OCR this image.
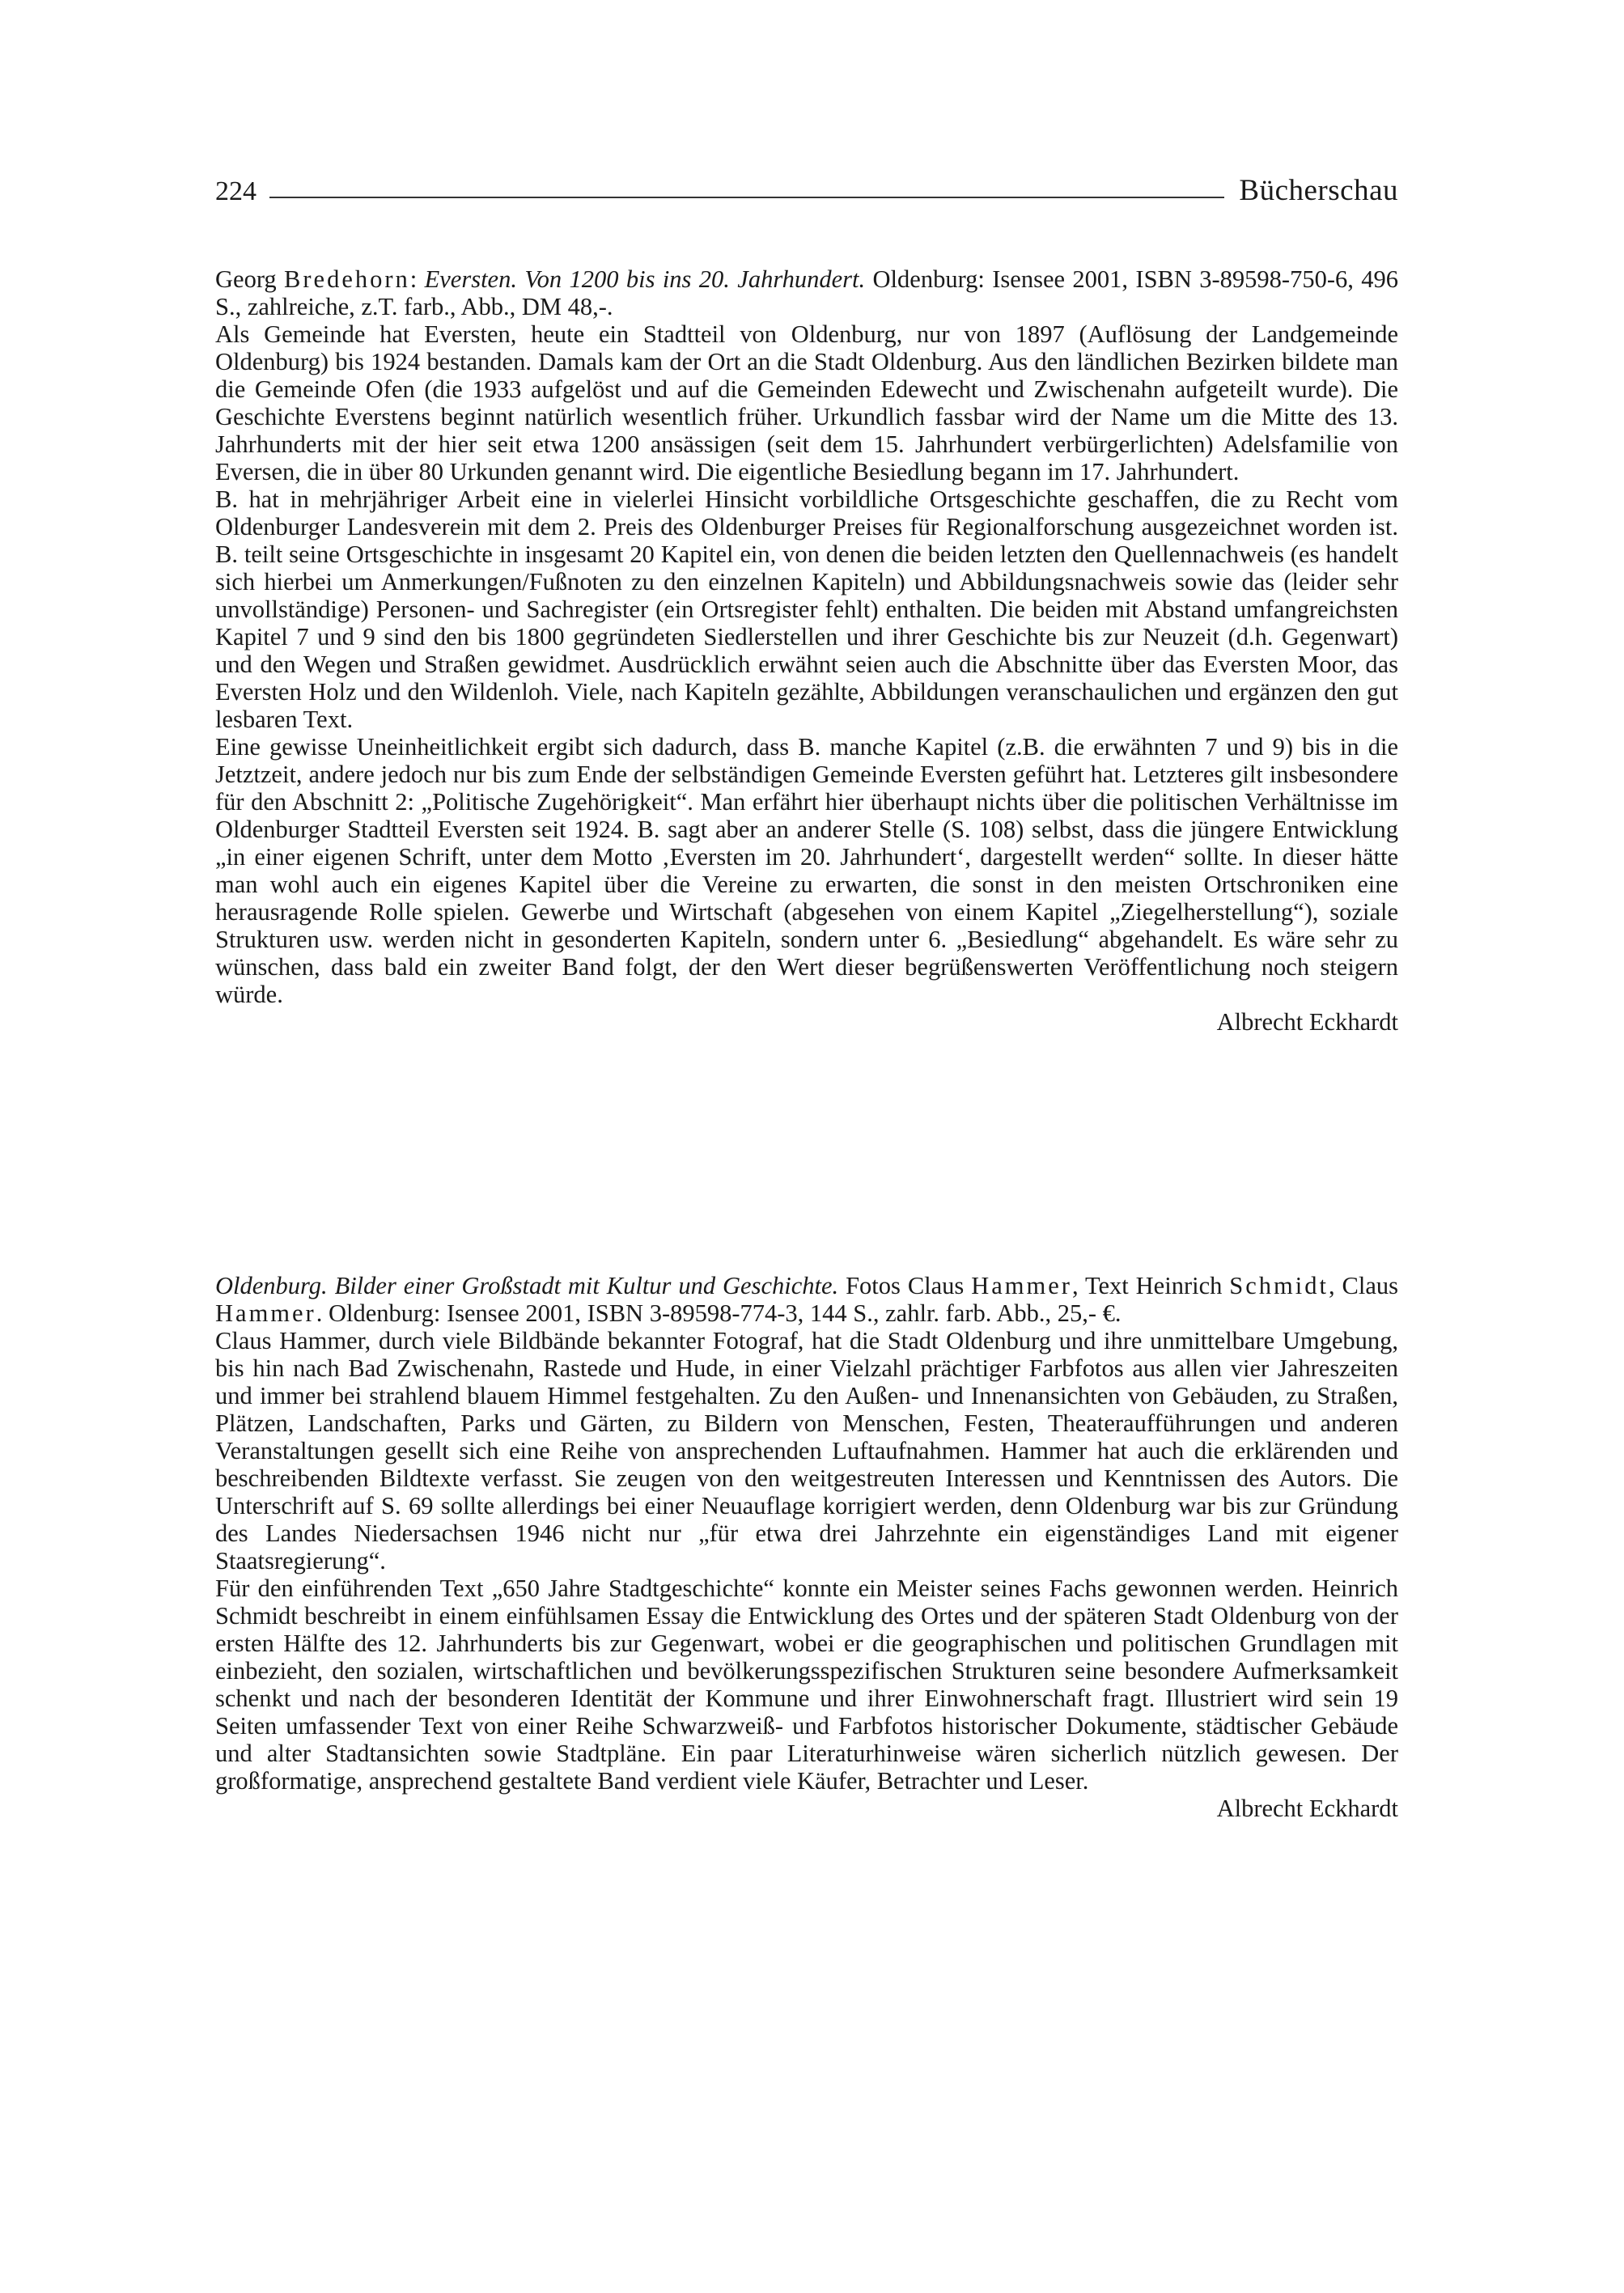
224	Bücherschau

Georg Bredehorn: Eversten. Von 1200 bis ins 20. Jahrhundert. Oldenburg: Isensee 2001, ISBN 3-89598-750-6, 496 S., zahlreiche, z.T. farb., Abb., DM 48,-.

Als Gemeinde hat Eversten, heute ein Stadtteil von Oldenburg, nur von 1897 (Auflösung der Landgemeinde Oldenburg) bis 1924 bestanden. Damals kam der Ort an die Stadt Oldenburg. Aus den ländlichen Bezirken bildete man die Gemeinde Ofen (die 1933 aufgelöst und auf die Gemeinden Edewecht und Zwischenahn aufgeteilt wurde). Die Geschichte Everstens beginnt natürlich wesentlich früher. Urkundlich fassbar wird der Name um die Mitte des 13. Jahrhunderts mit der hier seit etwa 1200 ansässigen (seit dem 15. Jahrhundert verbürgerlichten) Adelsfamilie von Eversen, die in über 80 Urkunden genannt wird. Die eigentliche Besiedlung begann im 17. Jahrhundert.

B. hat in mehrjähriger Arbeit eine in vielerlei Hinsicht vorbildliche Ortsgeschichte geschaffen, die zu Recht vom Oldenburger Landesverein mit dem 2. Preis des Oldenburger Preises für Regionalforschung ausgezeichnet worden ist. B. teilt seine Ortsgeschichte in insgesamt 20 Kapitel ein, von denen die beiden letzten den Quellennachweis (es handelt sich hierbei um Anmerkungen/Fußnoten zu den einzelnen Kapiteln) und Abbildungsnachweis sowie das (leider sehr unvollständige) Personen- und Sachregister (ein Ortsregister fehlt) enthalten. Die beiden mit Abstand umfangreichsten Kapitel 7 und 9 sind den bis 1800 gegründeten Siedlerstellen und ihrer Geschichte bis zur Neuzeit (d.h. Gegenwart) und den Wegen und Straßen gewidmet. Ausdrücklich erwähnt seien auch die Abschnitte über das Eversten Moor, das Eversten Holz und den Wildenloh. Viele, nach Kapiteln gezählte, Abbildungen veranschaulichen und ergänzen den gut lesbaren Text.

Eine gewisse Uneinheitlichkeit ergibt sich dadurch, dass B. manche Kapitel (z.B. die erwähnten 7 und 9) bis in die Jetztzeit, andere jedoch nur bis zum Ende der selbständigen Gemeinde Eversten geführt hat. Letzteres gilt insbesondere für den Abschnitt 2: „Politische Zugehörigkeit“. Man erfährt hier überhaupt nichts über die politischen Verhältnisse im Oldenburger Stadtteil Eversten seit 1924. B. sagt aber an anderer Stelle (S. 108) selbst, dass die jüngere Entwicklung „in einer eigenen Schrift, unter dem Motto ‚Eversten im 20. Jahrhundert‘, dargestellt werden“ sollte. In dieser hätte man wohl auch ein eigenes Kapitel über die Vereine zu erwarten, die sonst in den meisten Ortschroniken eine herausragende Rolle spielen. Gewerbe und Wirtschaft (abgesehen von einem Kapitel „Ziegelherstellung“), soziale Strukturen usw. werden nicht in gesonderten Kapiteln, sondern unter 6. „Besiedlung“ abgehandelt. Es wäre sehr zu wünschen, dass bald ein zweiter Band folgt, der den Wert dieser begrüßenswerten Veröffentlichung noch steigern würde.

Albrecht Eckhardt

Oldenburg. Bilder einer Großstadt mit Kultur und Geschichte. Fotos Claus Hammer, Text Heinrich Schmidt, Claus Hammer. Oldenburg: Isensee 2001, ISBN 3-89598-774-3, 144 S., zahlr. farb. Abb., 25,- €.

Claus Hammer, durch viele Bildbände bekannter Fotograf, hat die Stadt Oldenburg und ihre unmittelbare Umgebung, bis hin nach Bad Zwischenahn, Rastede und Hude, in einer Vielzahl prächtiger Farbfotos aus allen vier Jahreszeiten und immer bei strahlend blauem Himmel festgehalten. Zu den Außen- und Innenansichten von Gebäuden, zu Straßen, Plätzen, Landschaften, Parks und Gärten, zu Bildern von Menschen, Festen, Theateraufführungen und anderen Veranstaltungen gesellt sich eine Reihe von ansprechenden Luftaufnahmen. Hammer hat auch die erklärenden und beschreibenden Bildtexte verfasst. Sie zeugen von den weitgestreuten Interessen und Kenntnissen des Autors. Die Unterschrift auf S. 69 sollte allerdings bei einer Neuauflage korrigiert werden, denn Oldenburg war bis zur Gründung des Landes Niedersachsen 1946 nicht nur „für etwa drei Jahrzehnte ein eigenständiges Land mit eigener Staatsregierung“.

Für den einführenden Text „650 Jahre Stadtgeschichte“ konnte ein Meister seines Fachs gewonnen werden. Heinrich Schmidt beschreibt in einem einfühlsamen Essay die Entwicklung des Ortes und der späteren Stadt Oldenburg von der ersten Hälfte des 12. Jahrhunderts bis zur Gegenwart, wobei er die geographischen und politischen Grundlagen mit einbezieht, den sozialen, wirtschaftlichen und bevölkerungsspezifischen Strukturen seine besondere Aufmerksamkeit schenkt und nach der besonderen Identität der Kommune und ihrer Einwohnerschaft fragt. Illustriert wird sein 19 Seiten umfassender Text von einer Reihe Schwarzweiß- und Farbfotos historischer Dokumente, städtischer Gebäude und alter Stadtansichten sowie Stadtpläne. Ein paar Literaturhinweise wären sicherlich nützlich gewesen. Der großformatige, ansprechend gestaltete Band verdient viele Käufer, Betrachter und Leser.

Albrecht Eckhardt
